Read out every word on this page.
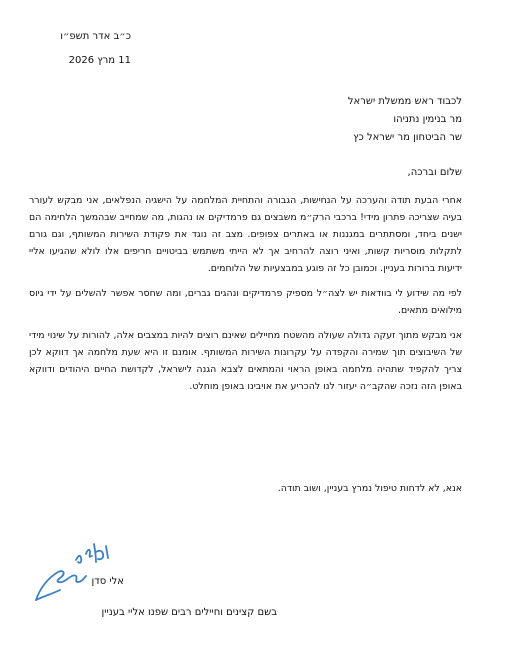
כ״ב אדר תשפ״ו
11 מרץ 2026
לכבוד ראש ממשלת ישראל
מר בנימין נתניהו
שר הביטחון מר ישראל כץ
שלום וברכה,

אחרי הבעת תודה והערכה על הנחישות, הגבורה והתחיית המלחמה על הישגיה הנפלאים, אני מבקש לעורר בעיה שצריכה פתרון מידי! ברכבי הרק״מ משבצים גם פרמדיקים או נהגות, מה שמחייב שבהמשך הלחימה הם ישנים ביחד, ומסתתרים במגננות או באתרים צפופים. מצב זה נוגד את פקודת השירות המשותף, וגם גורם לתקלות מוסריות קשות, ואיני רוצה להרחיב אך לא הייתי משתמש בביטויים חריפים אלו לולא שהגיעו אליי ידיעות ברורות בעניין. וכמובן כל זה פוגע במבצעיות של הלוחמים.

לפי מה שידוע לי בוודאות יש לצה״ל מספיק פרמדיקים ונהגים גברים, ומה שחסר אפשר להשלים על ידי גיוס מילואים מתאים.

אני מבקש מתוך זעקה גדולה שעולה מהשטח מחיילים שאינם רוצים להיות במצבים אלה, להורות על שינוי מידי של השיבוצים תוך שמירה והקפדה על עקרונות השירות המשותף. אומנם זו היא שעת מלחמה אך דווקא לכן צריך להקפיד שתהיה מלחמה באופן הראוי והמתאים לצבא הגנה לישראל, לקדושת החיים היהודים ודווקא באופן הזה נזכה שהקב״ה יעזור לנו להכריע את אויבינו באופן מוחלט.

אנא, לא לדחות טיפול נמרץ בעניין, ושוב תודה.
אלי סדן
בשם קצינים וחיילים רבים שפנו אליי בעניין
